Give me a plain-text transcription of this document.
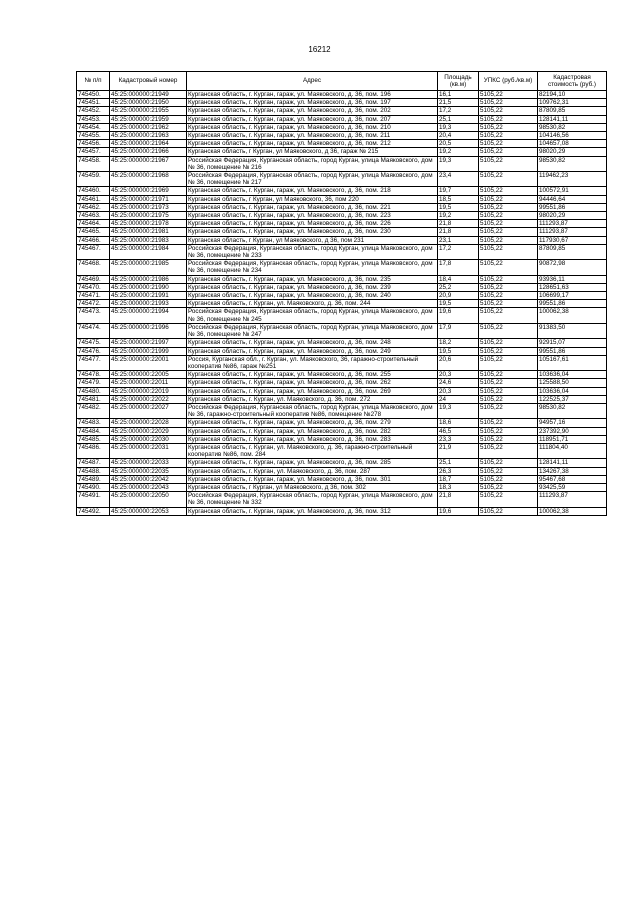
16212
№ п/п	Кадастровый номер	Адрес	Площадь (кв.м)	УПКС (руб./кв.м)	Кадастровая стоимость (руб.)
745450.	45:25:000000:21949	Курганская область, г. Курган, гараж, ул. Маяковского, д. 36, пом. 196	16,1	5105,22	82194,10
745451.	45:25:000000:21950	Курганская область, г. Курган, гараж, ул. Маяковского, д. 36, пом. 197	21,5	5105,22	109762,31
745452.	45:25:000000:21955	Курганская область, г. Курган, гараж, ул. Маяковского, д. 36, пом. 202	17,2	5105,22	87809,85
745453.	45:25:000000:21959	Курганская область, г. Курган, гараж, ул. Маяковского, д. 36, пом. 207	25,1	5105,22	128141,11
745454.	45:25:000000:21962	Курганская область, г. Курган, гараж, ул. Маяковского, д. 36, пом. 210	19,3	5105,22	98530,82
745455.	45:25:000000:21963	Курганская область, г. Курган, гараж, ул. Маяковского, д. 36, пом. 211	20,4	5105,22	104146,56
745456.	45:25:000000:21964	Курганская область, г. Курган, гараж, ул. Маяковского, д. 36, пом. 212	20,5	5105,22	104657,08
745457.	45:25:000000:21966	Курганская область, г Курган, ул Маяковского, д 36, гараж № 215	19,2	5105,22	98020,29
745458.	45:25:000000:21967	Российская Федерация, Курганская область, город Курган, улица Маяковского, дом № 36, помещение № 216	19,3	5105,22	98530,82
745459.	45:25:000000:21968	Российская Федерация, Курганская область, город Курган, улица Маяковского, дом № 36, помещение № 217	23,4	5105,22	119462,23
745460.	45:25:000000:21969	Курганская область, г. Курган, гараж, ул. Маяковского, д. 36, пом. 218	19,7	5105,22	100572,91
745461.	45:25:000000:21971	Курганская область, г Курган, ул Маяковского, 36, пом 220	18,5	5105,22	94446,64
745462.	45:25:000000:21973	Курганская область, г. Курган, гараж, ул. Маяковского, д. 36, пом. 221	19,5	5105,22	99551,86
745463.	45:25:000000:21975	Курганская область, г. Курган, гараж, ул. Маяковского, д. 36, пом. 223	19,2	5105,22	98020,29
745464.	45:25:000000:21978	Курганская область, г. Курган, гараж, ул. Маяковского, д. 36, пом. 226	21,8	5105,22	111293,87
745465.	45:25:000000:21981	Курганская область, г. Курган, гараж, ул. Маяковского, д. 36, пом. 230	21,8	5105,22	111293,87
745466.	45:25:000000:21983	Курганская область, г Курган, ул Маяковского, д 36, пом 231	23,1	5105,22	117930,67
745467.	45:25:000000:21984	Российская Федерация, Курганская область, город Курган, улица Маяковского, дом № 36, помещение № 233	17,2	5105,22	87809,85
745468.	45:25:000000:21985	Российская Федерация, Курганская область, город Курган, улица Маяковского, дом № 36, помещение № 234	17,8	5105,22	90872,98
745469.	45:25:000000:21986	Курганская область, г. Курган, гараж, ул. Маяковского, д. 36, пом. 235	18,4	5105,22	93936,11
745470.	45:25:000000:21990	Курганская область, г. Курган, гараж, ул. Маяковского, д. 36, пом. 239	25,2	5105,22	128651,63
745471.	45:25:000000:21991	Курганская область, г. Курган, гараж, ул. Маяковского, д. 36, пом. 240	20,9	5105,22	106699,17
745472.	45:25:000000:21993	Курганская область, г. Курган, ул. Маяковского, д. 36, пом. 244	19,5	5105,22	99551,86
745473.	45:25:000000:21994	Российская Федерация, Курганская область, город Курган, улица Маяковского, дом № 36, помещение № 245	19,6	5105,22	100062,38
745474.	45:25:000000:21996	Российская Федерация, Курганская область, город Курган, улица Маяковского, дом № 36, помещение № 247	17,9	5105,22	91383,50
745475.	45:25:000000:21997	Курганская область, г. Курган, гараж, ул. Маяковского, д. 36, пом. 248	18,2	5105,22	92915,07
745476.	45:25:000000:21999	Курганская область, г. Курган, гараж, ул. Маяковского, д. 36, пом. 249	19,5	5105,22	99551,86
745477.	45:25:000000:22001	Россия, Курганская обл., г. Курган, ул. Маяковского, 36, гаражно-строительный кооператив №86, гараж №251	20,6	5105,22	105167,61
745478.	45:25:000000:22005	Курганская область, г. Курган, гараж, ул. Маяковского, д. 36, пом. 255	20,3	5105,22	103636,04
745479.	45:25:000000:22011	Курганская область, г. Курган, гараж, ул. Маяковского, д. 36, пом. 262	24,6	5105,22	125588,50
745480.	45:25:000000:22019	Курганская область, г. Курган, гараж, ул. Маяковского, д. 36, пом. 269	20,3	5105,22	103636,04
745481.	45:25:000000:22022	Курганская область, г. Курган, ул. Маяковского, д. 36, пом. 272	24	5105,22	122525,37
745482.	45:25:000000:22027	Российская Федерация, Курганская область, город Курган, улица Маяковского, дом № 36, гаражно-строительный кооператив №86, помещение №278	19,3	5105,22	98530,82
745483.	45:25:000000:22028	Курганская область, г. Курган, гараж, ул. Маяковского, д. 36, пом. 279	18,6	5105,22	94957,16
745484.	45:25:000000:22029	Курганская область, г. Курган, гараж, ул. Маяковского, д. 36, пом. 282	46,5	5105,22	237392,90
745485.	45:25:000000:22030	Курганская область, г. Курган, гараж, ул. Маяковского, д. 36, пом. 283	23,3	5105,22	118951,71
745486.	45:25:000000:22031	Курганская область, г. Курган, ул. Маяковского, д. 36, гаражно-строительный кооператив №86, пом. 284	21,9	5105,22	111804,40
745487.	45:25:000000:22033	Курганская область, г. Курган, гараж, ул. Маяковского, д. 36, пом. 285	25,1	5105,22	128141,11
745488.	45:25:000000:22035	Курганская область, г. Курган, ул. Маяковского, д. 36, пом. 287	26,3	5105,22	134267,38
745489.	45:25:000000:22042	Курганская область, г. Курган, гараж, ул. Маяковского, д. 36, пом. 301	18,7	5105,22	95467,68
745490.	45:25:000000:22043	Курганская область, г Курган, ул Маяковского, д 36, пом. 302	18,3	5105,22	93425,59
745491.	45:25:000000:22050	Российская Федерация, Курганская область, город Курган, улица Маяковского, дом № 36, помещение № 332	21,8	5105,22	111293,87
745492.	45:25:000000:22053	Курганская область, г. Курган, гараж, ул. Маяковского, д. 36, пом. 312	19,6	5105,22	100062,38
